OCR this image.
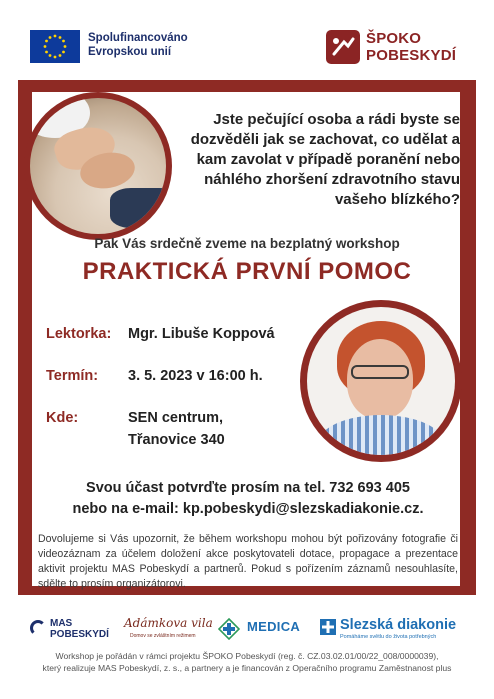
Spolufinancováno
Evropskou unií
ŠPOKO
POBESKYDÍ
Jste pečující osoba a rádi byste se dozvěděli jak se zachovat, co udělat a kam zavolat v případě poranění nebo náhlého zhoršení zdravotního stavu vašeho blízkého?
Pak Vás srdečně zveme na bezplatný workshop
PRAKTICKÁ PRVNÍ POMOC
Lektorka: Mgr. Libuše Koppová
Termín: 3. 5. 2023 v 16:00 h.
Kde:	SEN centrum,
Třanovice 340
Svou účast potvrďte prosím na tel. 732 693 405
nebo na e-mail: kp.pobeskydi@slezskadiakonie.cz.
Dovolujeme si Vás upozornit, že během workshopu mohou být pořizovány fotografie či videozáznam za účelem doložení akce poskytovateli dotace, propagace a prezentace aktivit projektu MAS Pobeskydí a partnerů. Pokud s pořízením záznamů nesouhlasíte, sdělte to prosím organizátorovi.
MAS
POBESKYDÍ
Adámkova vila
Domov se zvláštním režimem
MEDICA	Slezská diakonie
Pomáháme světlu do života potřebných
Workshop je pořádán v rámci projektu ŠPOKO Pobeskydí (reg. č. CZ.03.02.01/00/22_008/0000039),
který realizuje MAS Pobeskydí, z. s., a partnery a je financován z Operačního programu Zaměstnanost plus
